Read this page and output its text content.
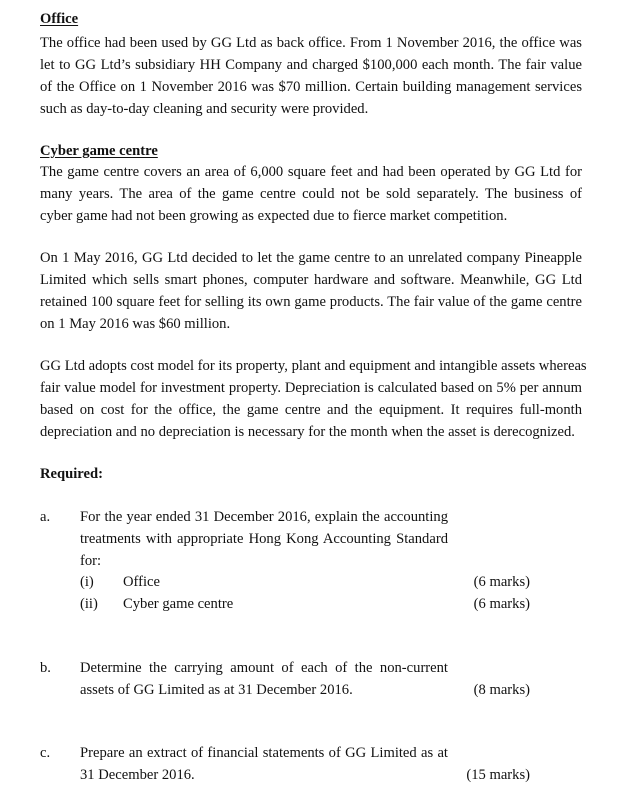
Office
The office had been used by GG Ltd as back office. From 1 November 2016, the office was
let to GG Ltd’s subsidiary HH Company and charged $100,000 each month. The fair value
of the Office on 1 November 2016 was $70 million. Certain building management services
such as day-to-day cleaning and security were provided.
Cyber game centre
The game centre covers an area of 6,000 square feet and had been operated by GG Ltd for
many years. The area of the game centre could not be sold separately. The business of
cyber game had not been growing as expected due to fierce market competition.
On 1 May 2016, GG Ltd decided to let the game centre to an unrelated company Pineapple
Limited which sells smart phones, computer hardware and software. Meanwhile, GG Ltd
retained 100 square feet for selling its own game products. The fair value of the game centre
on 1 May 2016 was $60 million.
GG Ltd adopts cost model for its property, plant and equipment and intangible assets whereas
fair value model for investment property. Depreciation is calculated based on 5% per annum
based on cost for the office, the game centre and the equipment. It requires full-month
depreciation and no depreciation is necessary for the month when the asset is derecognized.
Required:
a. For the year ended 31 December 2016, explain the accounting
treatments with appropriate Hong Kong Accounting Standard
for:
(i) Office	(6 marks)
(ii) Cyber game centre	(6 marks)
b. Determine the carrying amount of each of the non-current
assets of GG Limited as at 31 December 2016.	(8 marks)
c. Prepare an extract of financial statements of GG Limited as at
31 December 2016.	(15 marks)
